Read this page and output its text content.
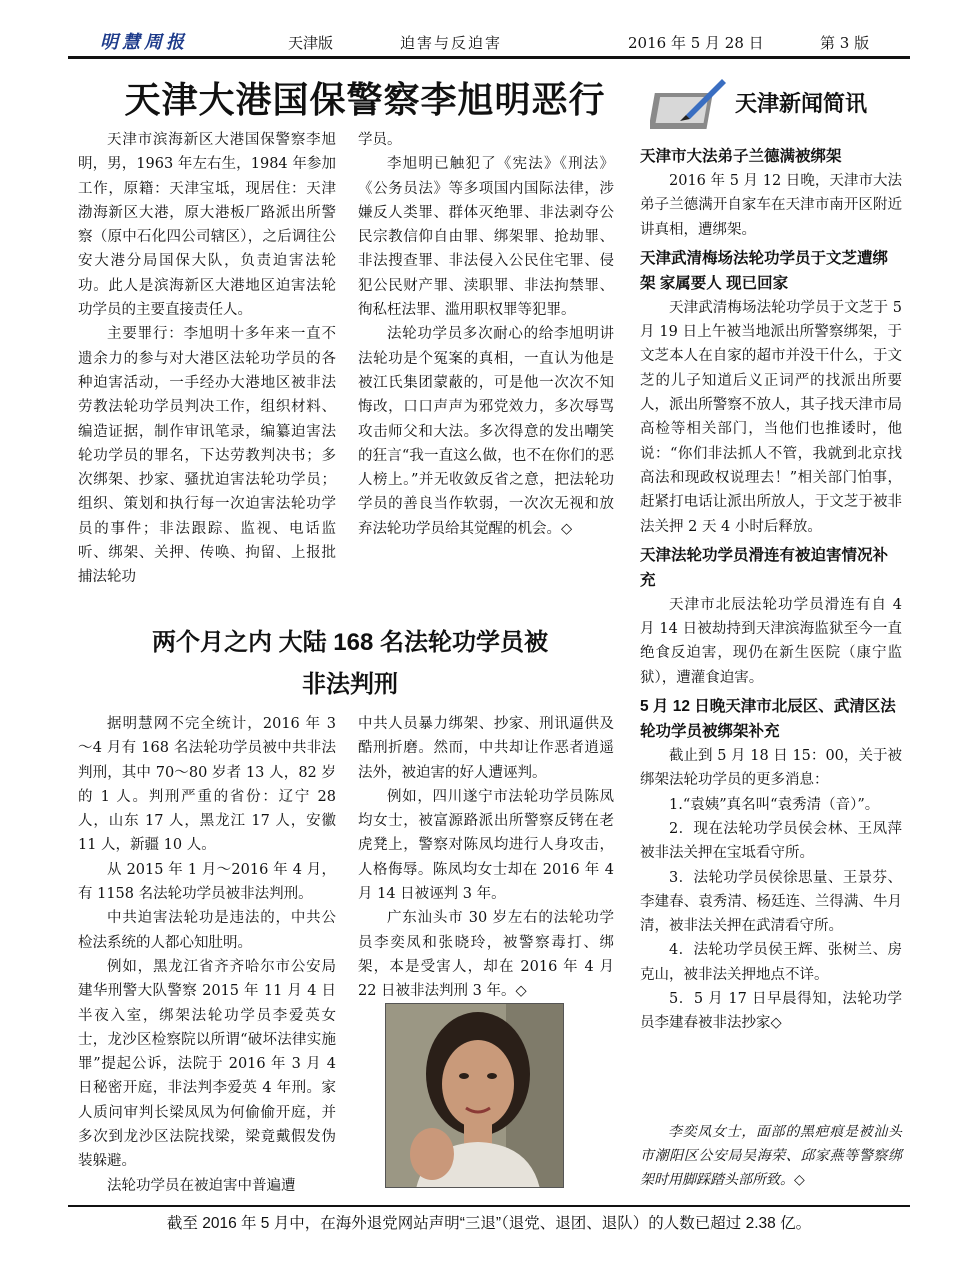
明慧周报	天津版	迫害与反迫害	2016 年 5 月 28 日	第 3 版
天津大港国保警察李旭明恶行

天津市滨海新区大港国保警察李旭明，男，1963 年左右生，1984 年参加工作，原籍：天津宝坻，现居住：天津渤海新区大港，原大港板厂路派出所警察（原中石化四公司辖区），之后调往公安大港分局国保大队，负责迫害法轮功。此人是滨海新区大港地区迫害法轮功学员的主要直接责任人。

主要罪行：李旭明十多年来一直不遗余力的参与对大港区法轮功学员的各种迫害活动，一手经办大港地区被非法劳教法轮功学员判决工作，组织材料、编造证据，制作审讯笔录，编纂迫害法轮功学员的罪名，下达劳教判决书；多次绑架、抄家、骚扰迫害法轮功学员；组织、策划和执行每一次迫害法轮功学员的事件；非法跟踪、监视、电话监听、绑架、关押、传唤、拘留、上报批捕法轮功

学员。

李旭明已触犯了《宪法》《刑法》《公务员法》等多项国内国际法律，涉嫌反人类罪、群体灭绝罪、非法剥夺公民宗教信仰自由罪、绑架罪、抢劫罪、非法搜查罪、非法侵入公民住宅罪、侵犯公民财产罪、渎职罪、非法拘禁罪、徇私枉法罪、滥用职权罪等犯罪。

法轮功学员多次耐心的给李旭明讲法轮功是个冤案的真相，一直认为他是被江氏集团蒙蔽的，可是他一次次不知悔改，口口声声为邪党效力，多次辱骂攻击师父和大法。多次得意的发出嘲笑的狂言“我一直这么做，也不在你们的恶人榜上。”并无收敛反省之意，把法轮功学员的善良当作软弱，一次次无视和放弃法轮功学员给其觉醒的机会。◇

两个月之内 大陆 168 名法轮功学员被
非法判刑

据明慧网不完全统计，2016 年 3～4 月有 168 名法轮功学员被中共非法判刑，其中 70～80 岁者 13 人，82 岁的 1 人。判刑严重的省份：辽宁 28 人，山东 17 人，黑龙江 17 人，安徽 11 人，新疆 10 人。

从 2015 年 1 月～2016 年 4 月，有 1158 名法轮功学员被非法判刑。

中共迫害法轮功是违法的，中共公检法系统的人都心知肚明。

例如，黑龙江省齐齐哈尔市公安局建华刑警大队警察 2015 年 11 月 4 日半夜入室，绑架法轮功学员李爱英女士，龙沙区检察院以所谓“破坏法律实施罪”提起公诉，法院于 2016 年 3 月 4 日秘密开庭，非法判李爱英 4 年刑。家人质问审判长梁凤凤为何偷偷开庭，并多次到龙沙区法院找梁，梁竟戴假发伪装躲避。

法轮功学员在被迫害中普遍遭

中共人员暴力绑架、抄家、刑讯逼供及酷刑折磨。然而，中共却让作恶者逍遥法外，被迫害的好人遭诬判。

例如，四川遂宁市法轮功学员陈凤均女士，被富源路派出所警察反铐在老虎凳上，警察对陈凤均进行人身攻击，人格侮辱。陈凤均女士却在 2016 年 4 月 14 日被诬判 3 年。

广东汕头市 30 岁左右的法轮功学员李奕凤和张晓玲，被警察毒打、绑架，本是受害人，却在 2016 年 4 月 22 日被非法判刑 3 年。◇

天津新闻简讯
天津市大法弟子兰德满被绑架

2016 年 5 月 12 日晚，天津市大法弟子兰德满开自家车在天津市南开区附近讲真相，遭绑架。

天津武清梅场法轮功学员于文芝遭绑架 家属要人 现已回家

天津武清梅场法轮功学员于文芝于 5 月 19 日上午被当地派出所警察绑架，于文芝本人在自家的超市并没干什么，于文芝的儿子知道后义正词严的找派出所要人，派出所警察不放人，其子找天津市局高检等相关部门，当他们也推诿时，他说：“你们非法抓人不管，我就到北京找高法和现政权说理去！”相关部门怕事，赶紧打电话让派出所放人，于文芝于被非法关押 2 天 4 小时后释放。

天津法轮功学员滑连有被迫害情况补充

天津市北辰法轮功学员滑连有自 4 月 14 日被劫持到天津滨海监狱至今一直绝食反迫害，现仍在新生医院（康宁监狱），遭灌食迫害。

5 月 12 日晚天津市北辰区、武清区法轮功学员被绑架补充

截止到 5 月 18 日 15：00，关于被绑架法轮功学员的更多消息：

1.“袁姨”真名叫“袁秀清（音）”。

2．现在法轮功学员侯会林、王凤萍被非法关押在宝坻看守所。

3．法轮功学员侯徐思量、王景芬、李建春、袁秀清、杨廷连、兰得满、牛月清，被非法关押在武清看守所。

4．法轮功学员侯王辉、张树兰、房克山，被非法关押地点不详。

5．5 月 17 日早晨得知，法轮功学员李建春被非法抄家◇

李奕凤女士，面部的黑疤痕是被汕头市潮阳区公安局吴海荣、邱家燕等警察绑架时用脚踩踏头部所致。◇
截至 2016 年 5 月中，在海外退党网站声明“三退”（退党、退团、退队）的人数已超过 2.38 亿。
